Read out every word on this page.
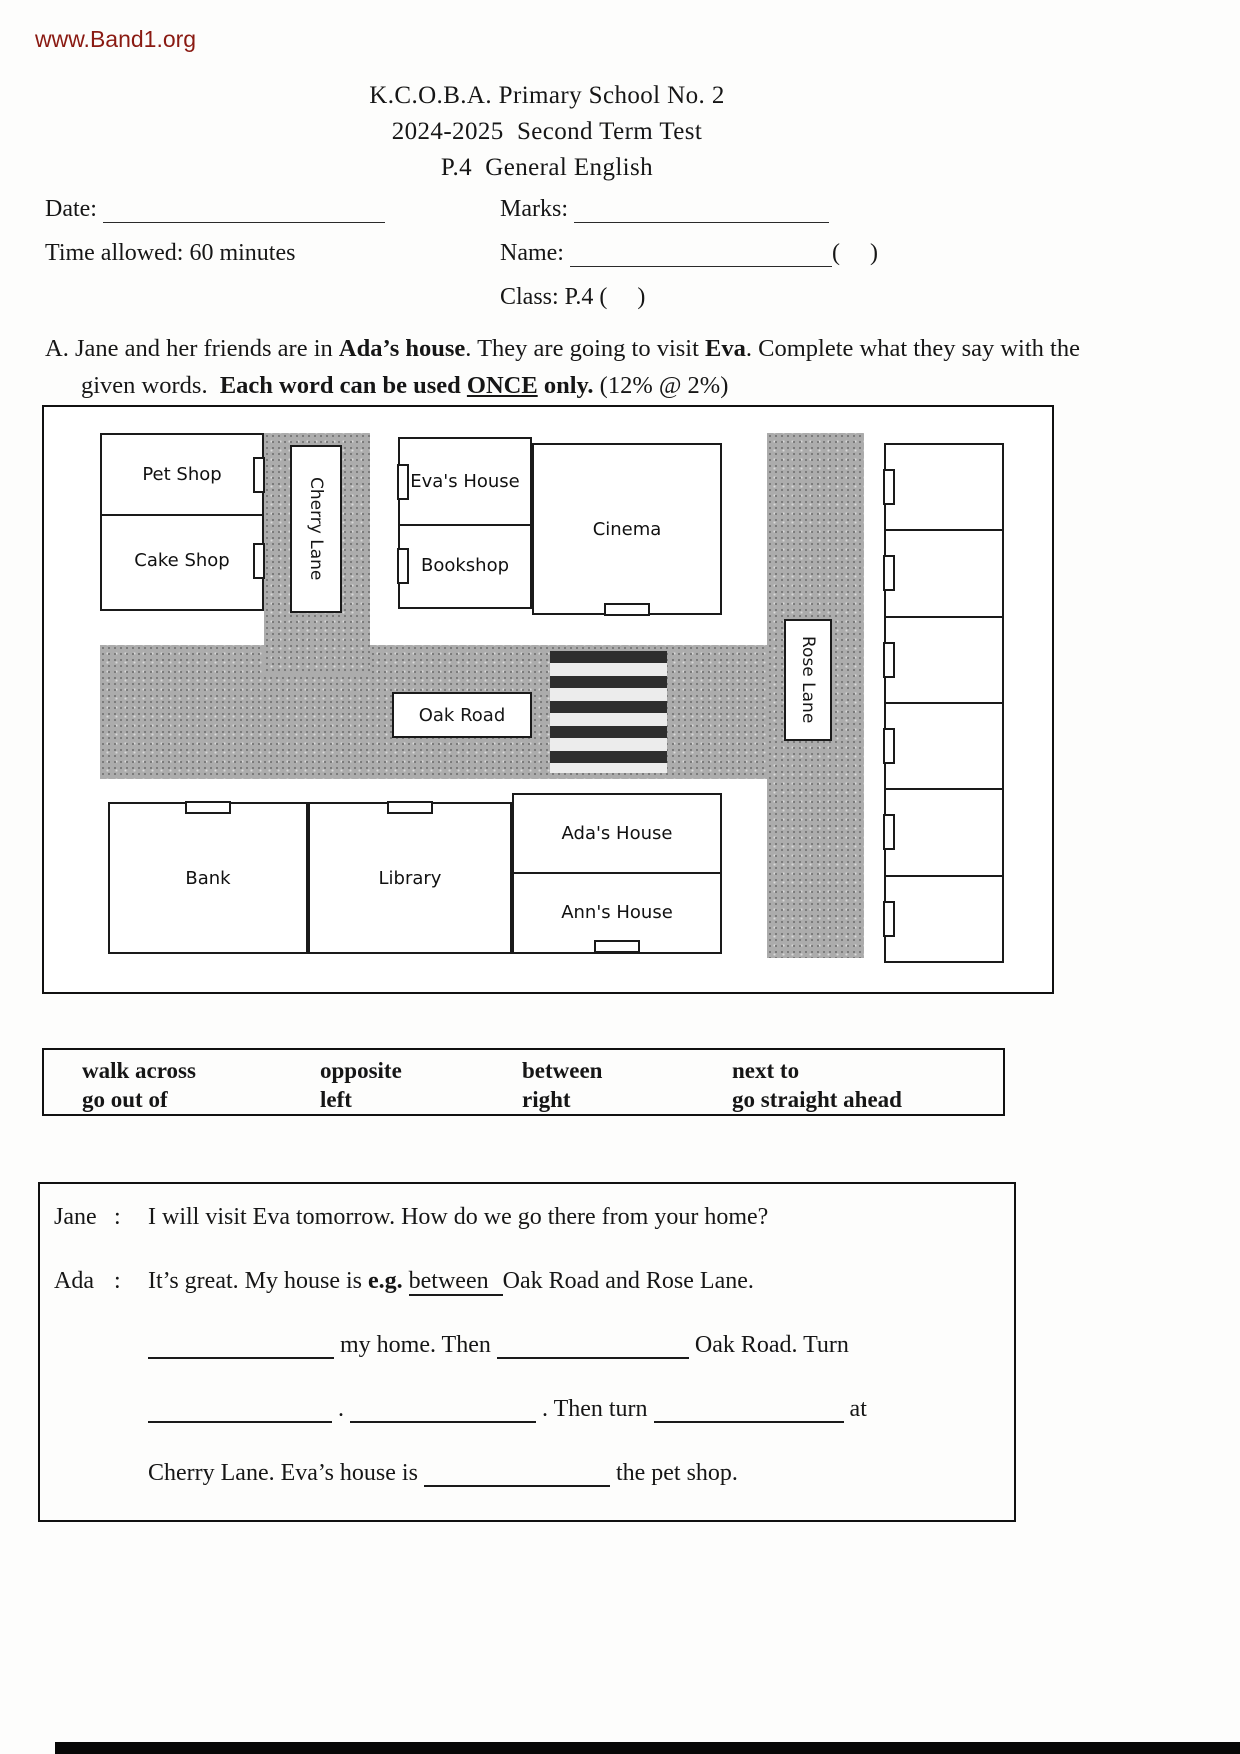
www.Band1.org
K.C.O.B.A. Primary School No. 2
2024-2025  Second Term Test
P.4  General English
Date:	Marks:
Time allowed: 60 minutes	Name:	(     )
Class: P.4 (     )
A. Jane and her friends are in Ada’s house. They are going to visit Eva. Complete what they say with the given words.  Each word can be used ONCE only. (12% @ 2%)
Pet Shop
Cake Shop	Cherry Lane	Eva's House
Bookshop
Cinema
Oak Road	Rose Lane
Bank	Library
Ada's House
Ann's House
walk across	opposite	between	next to
go out of	left	right	go straight ahead
Jane :	I will visit Eva tomorrow. How do we go there from your home?
Ada :	It’s great. My house is e.g. between Oak Road and Rose Lane.
my home. Then	Oak Road. Turn
.	. Then turn	at
Cherry Lane. Eva’s house is	the pet shop.
